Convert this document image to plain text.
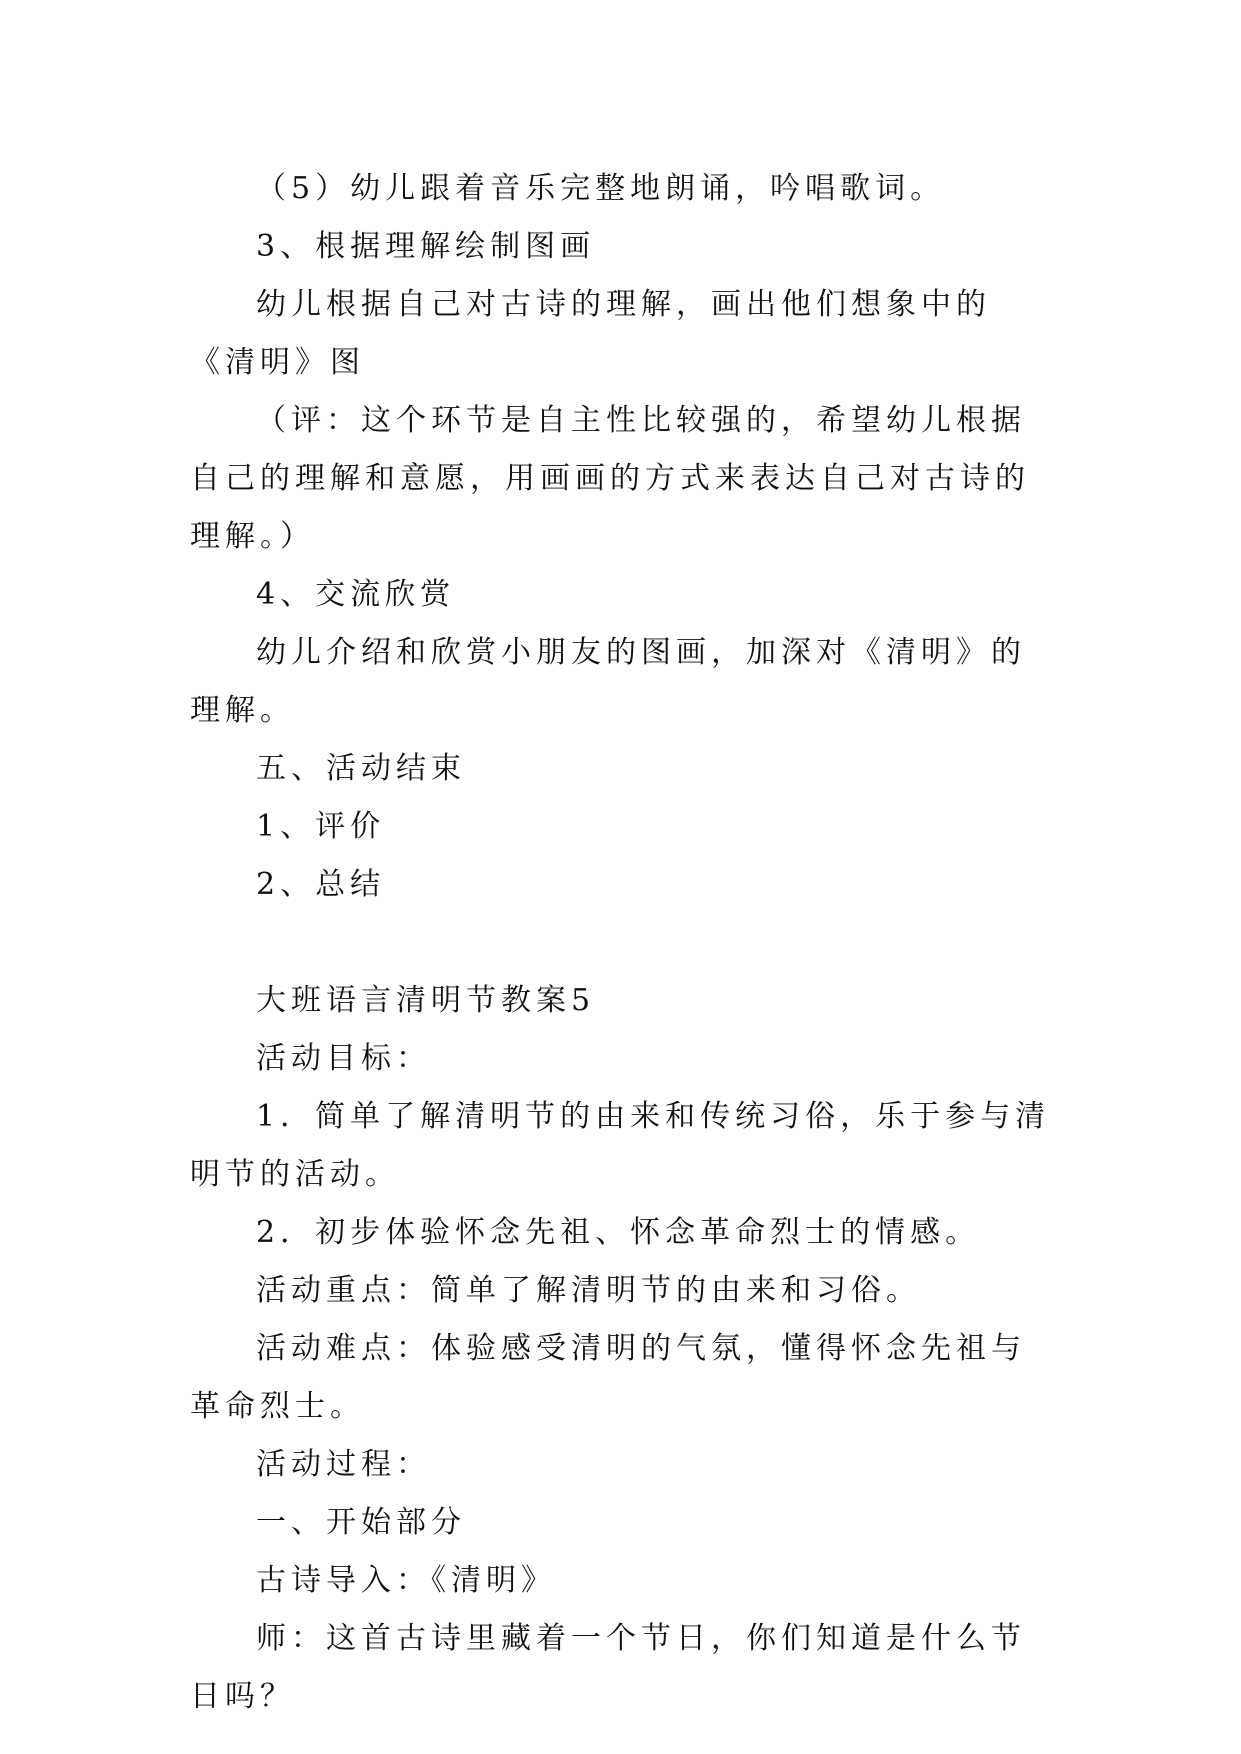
（5）幼儿跟着音乐完整地朗诵，吟唱歌词。

3、根据理解绘制图画

幼儿根据自己对古诗的理解，画出他们想象中的《清明》图

（评：这个环节是自主性比较强的，希望幼儿根据自己的理解和意愿，用画画的方式来表达自己对古诗的理解。）

4、交流欣赏

幼儿介绍和欣赏小朋友的图画，加深对《清明》的理解。

五、活动结束

1、评价

2、总结

大班语言清明节教案5

活动目标：

1．简单了解清明节的由来和传统习俗，乐于参与清明节的活动。

2．初步体验怀念先祖、怀念革命烈士的情感。

活动重点：简单了解清明节的由来和习俗。

活动难点：体验感受清明的气氛，懂得怀念先祖与革命烈士。

活动过程：

一、开始部分

古诗导入：《清明》

师：这首古诗里藏着一个节日，你们知道是什么节日吗？
